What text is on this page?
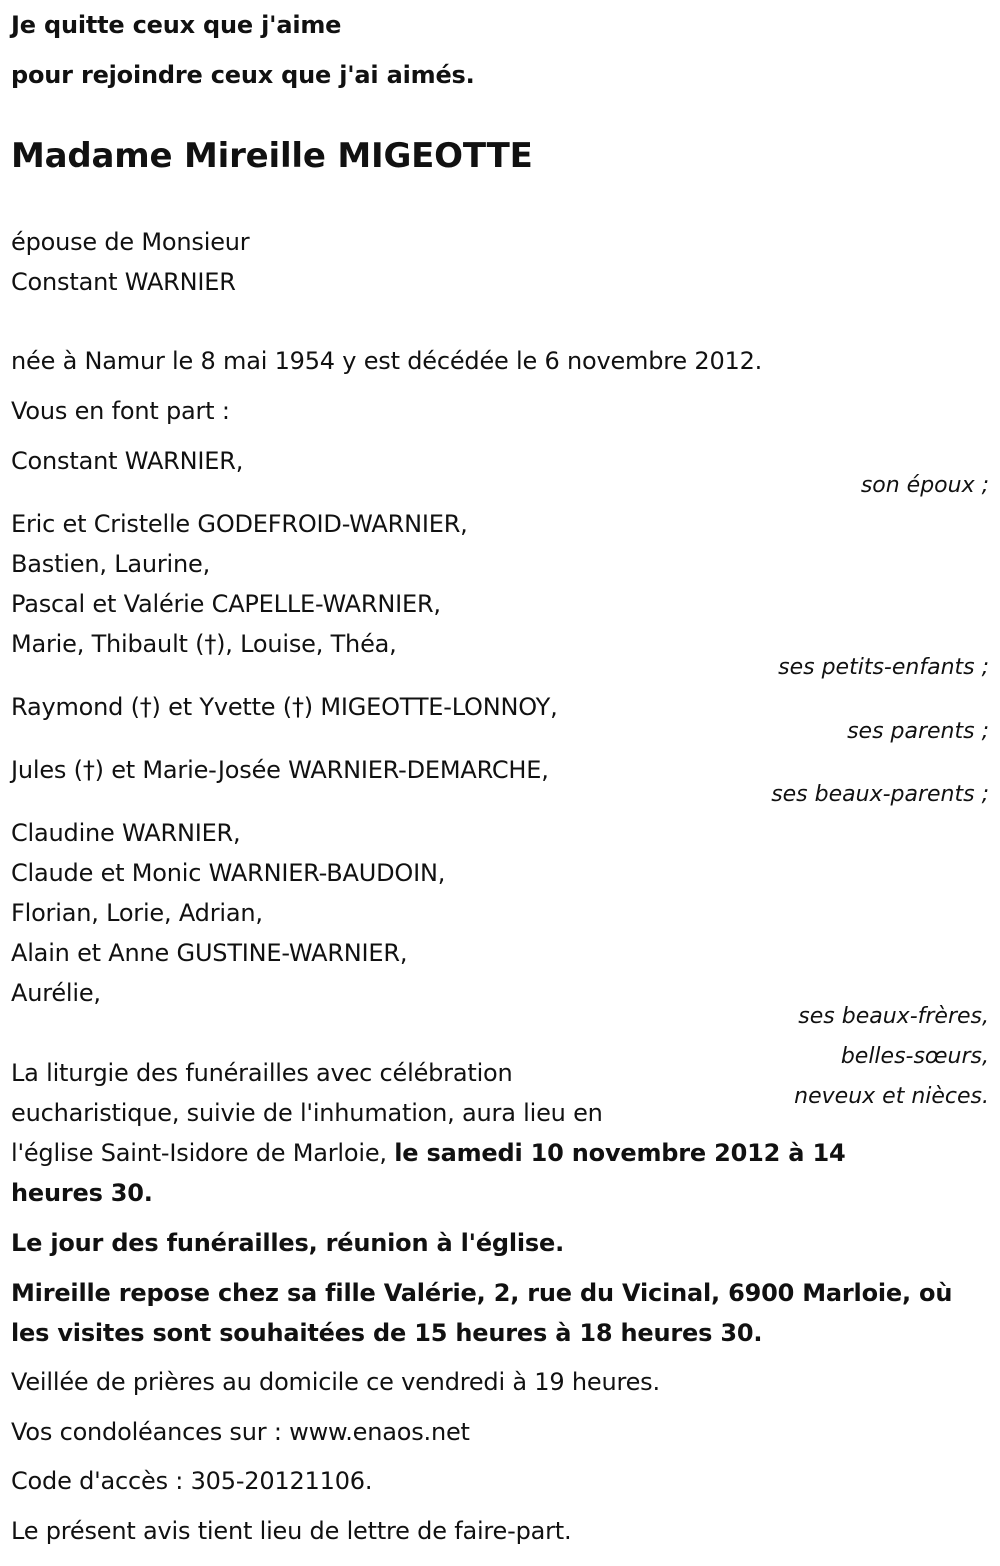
Je quitte ceux que j'aime
pour rejoindre ceux que j'ai aimés.
Madame Mireille MIGEOTTE
épouse de Monsieur
Constant WARNIER
née à Namur le 8 mai 1954 y est décédée le 6 novembre 2012.
Vous en font part :
Constant WARNIER,
son époux ;
Eric et Cristelle GODEFROID-WARNIER,
Bastien, Laurine,
Pascal et Valérie CAPELLE-WARNIER,
Marie, Thibault (†), Louise, Théa,
ses petits-enfants ;
Raymond (†) et Yvette (†) MIGEOTTE-LONNOY,
ses parents ;
Jules (†) et Marie-Josée WARNIER-DEMARCHE,
ses beaux-parents ;
Claudine WARNIER,
Claude et Monic WARNIER-BAUDOIN,
Florian, Lorie, Adrian,
Alain et Anne GUSTINE-WARNIER,
Aurélie,
ses beaux-frères,
belles-sœurs,
neveux et nièces.
La liturgie des funérailles avec célébration
eucharistique, suivie de l'inhumation, aura lieu en
l'église Saint-Isidore de Marloie, le samedi 10 novembre 2012 à 14
heures 30.
Le jour des funérailles, réunion à l'église.
Mireille repose chez sa fille Valérie, 2, rue du Vicinal, 6900 Marloie, où
les visites sont souhaitées de 15 heures à 18 heures 30.
Veillée de prières au domicile ce vendredi à 19 heures.
Vos condoléances sur : www.enaos.net
Code d'accès : 305-20121106.
Le présent avis tient lieu de lettre de faire-part.
